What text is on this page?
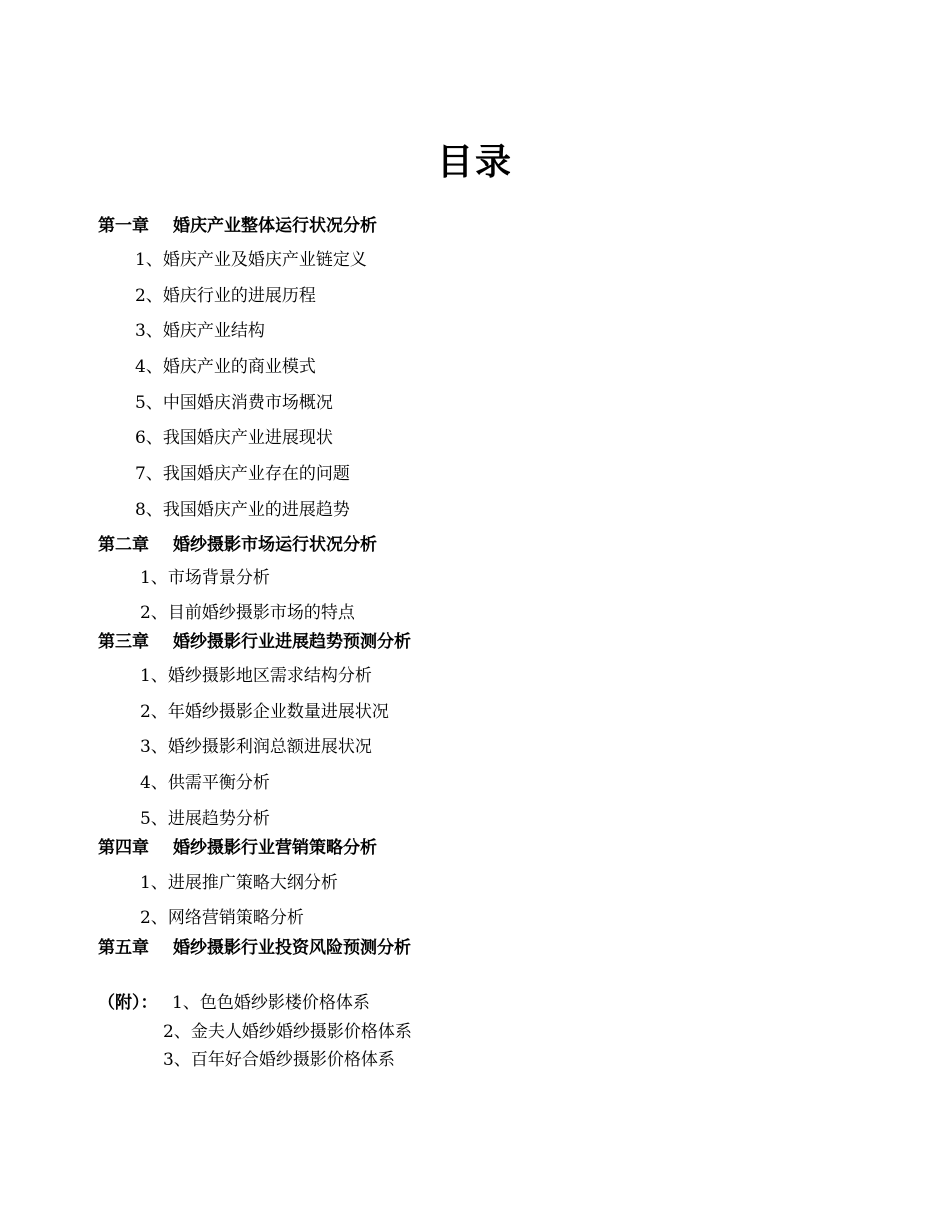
目录
第一章 婚庆产业整体运行状况分析
1、婚庆产业及婚庆产业链定义
2、婚庆行业的进展历程
3、婚庆产业结构
4、婚庆产业的商业模式
5、中国婚庆消费市场概况
6、我国婚庆产业进展现状
7、我国婚庆产业存在的问题
8、我国婚庆产业的进展趋势
第二章 婚纱摄影市场运行状况分析
1、市场背景分析
2、目前婚纱摄影市场的特点
第三章 婚纱摄影行业进展趋势预测分析
1、婚纱摄影地区需求结构分析
2、年婚纱摄影企业数量进展状况
3、婚纱摄影利润总额进展状况
4、供需平衡分析
5、进展趋势分析
第四章 婚纱摄影行业营销策略分析
1、进展推广策略大纲分析
2、网络营销策略分析
第五章 婚纱摄影行业投资风险预测分析
（附）： 1、色色婚纱影楼价格体系
2、金夫人婚纱婚纱摄影价格体系
3、百年好合婚纱摄影价格体系
